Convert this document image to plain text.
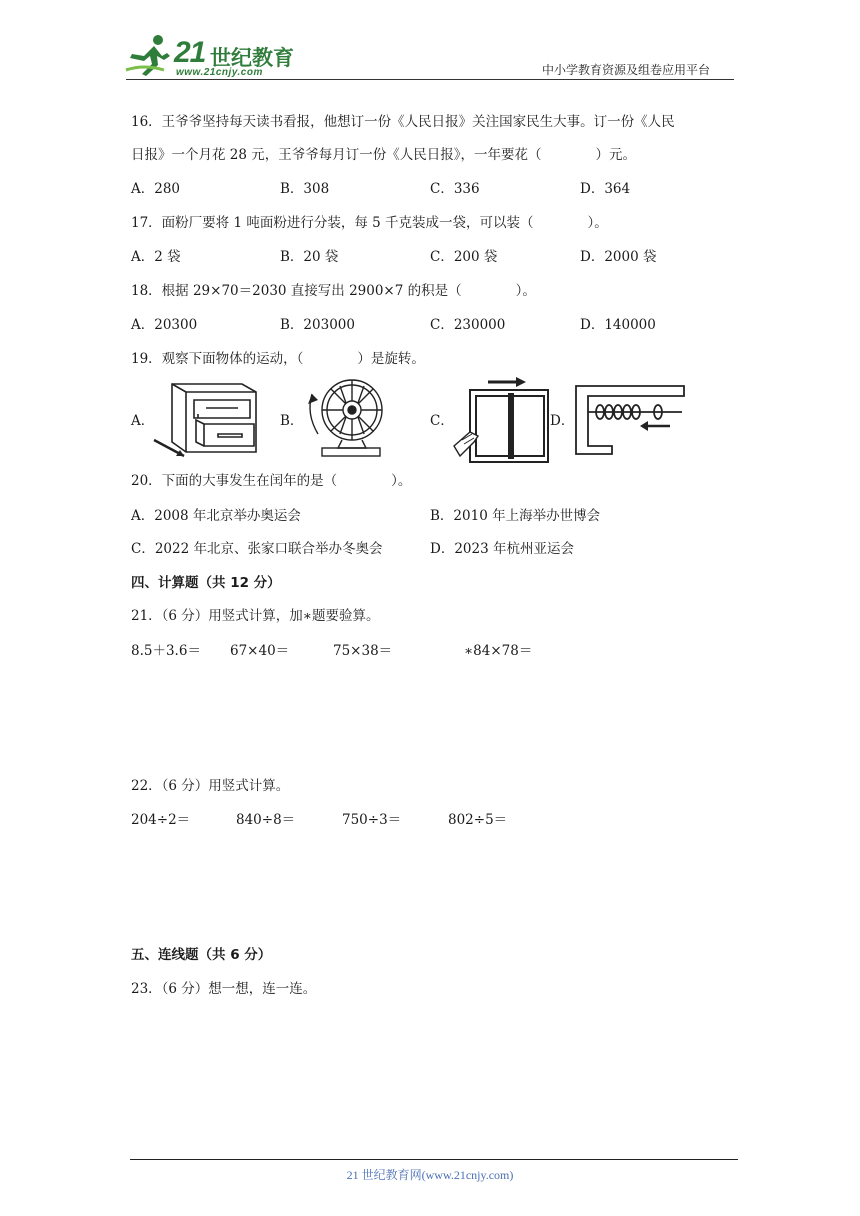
21 世纪教育
www.21cnjy.com	中小学教育资源及组卷应用平台
16．王爷爷坚持每天读书看报，他想订一份《人民日报》关注国家民生大事。订一份《人民
日报》一个月花 28 元，王爷爷每月订一份《人民日报》，一年要花（　　　　）元。
A．280	B．308	C．336	D．364
17．面粉厂要将 1 吨面粉进行分装，每 5 千克装成一袋，可以装（　　　　）。
A．2 袋	B．20 袋	C．200 袋	D．2000 袋
18．根据 29×70＝2030 直接写出 2900×7 的积是（　　　　）。
A．20300	B．203000	C．230000	D．140000
19．观察下面物体的运动，（　　　　）是旋转。
A．	B．	C．	D．
20．下面的大事发生在闰年的是（　　　　）。
A．2008 年北京举办奥运会	B．2010 年上海举办世博会
C．2022 年北京、张家口联合举办冬奥会	D．2023 年杭州亚运会
四、计算题（共 12 分）
21．（6 分）用竖式计算，加∗题要验算。
8.5＋3.6＝ 67×40＝	75×38＝	∗84×78＝
22．（6 分）用竖式计算。
204÷2＝	840÷8＝	750÷3＝	802÷5＝
五、连线题（共 6 分）
23．（6 分）想一想，连一连。
21 世纪教育网(www.21cnjy.com)
